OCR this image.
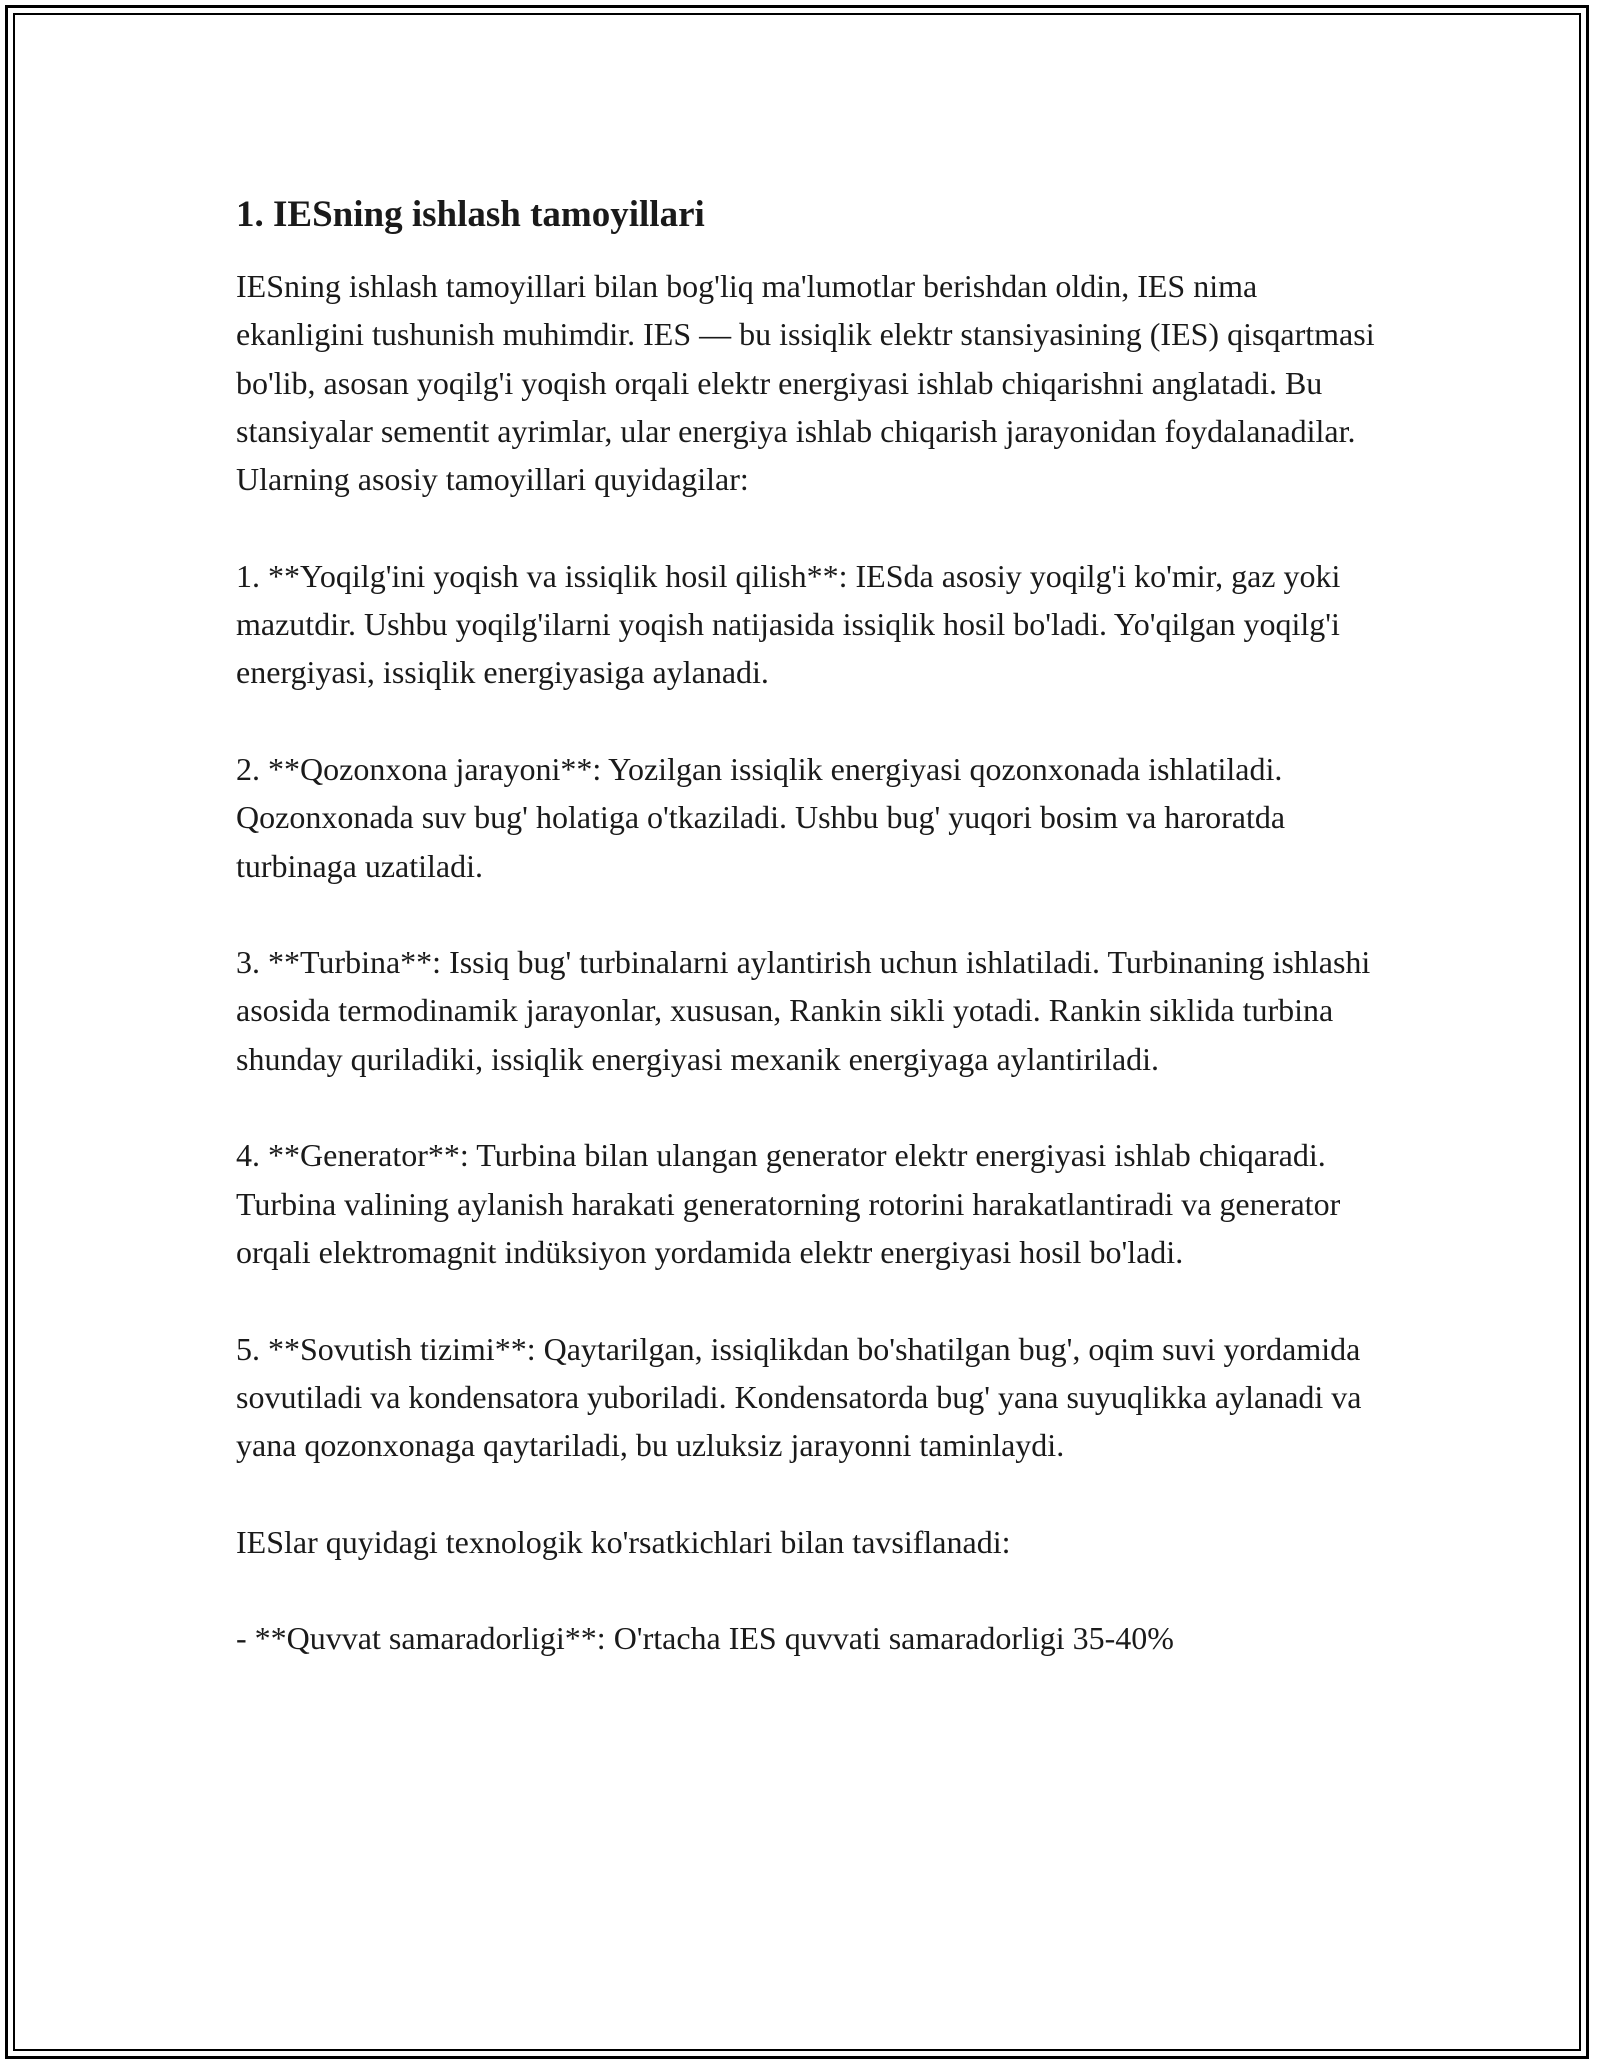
1. IESning ishlash tamoyillari

IESning ishlash tamoyillari bilan bog'liq ma'lumotlar berishdan oldin, IES nima ekanligini tushunish muhimdir. IES — bu issiqlik elektr stansiyasining (IES) qisqartmasi bo'lib, asosan yoqilg'i yoqish orqali elektr energiyasi ishlab chiqarishni anglatadi. Bu stansiyalar sementit ayrimlar, ular energiya ishlab chiqarish jarayonidan foydalanadilar. Ularning asosiy tamoyillari quyidagilar:

1. **Yoqilg'ini yoqish va issiqlik hosil qilish**: IESda asosiy yoqilg'i ko'mir, gaz yoki mazutdir. Ushbu yoqilg'ilarni yoqish natijasida issiqlik hosil bo'ladi. Yo'qilgan yoqilg'i energiyasi, issiqlik energiyasiga aylanadi.

2. **Qozonxona jarayoni**: Yozilgan issiqlik energiyasi qozonxonada ishlatiladi. Qozonxonada suv bug' holatiga o'tkaziladi. Ushbu bug' yuqori bosim va haroratda turbinaga uzatiladi.

3. **Turbina**: Issiq bug' turbinalarni aylantirish uchun ishlatiladi. Turbinaning ishlashi asosida termodinamik jarayonlar, xususan, Rankin sikli yotadi. Rankin siklida turbina shunday quriladiki, issiqlik energiyasi mexanik energiyaga aylantiriladi.

4. **Generator**: Turbina bilan ulangan generator elektr energiyasi ishlab chiqaradi. Turbina valining aylanish harakati generatorning rotorini harakatlantiradi va generator orqali elektromagnit indüksiyon yordamida elektr energiyasi hosil bo'ladi.

5. **Sovutish tizimi**: Qaytarilgan, issiqlikdan bo'shatilgan bug', oqim suvi yordamida sovutiladi va kondensatora yuboriladi. Kondensatorda bug' yana suyuqlikka aylanadi va yana qozonxonaga qaytariladi, bu uzluksiz jarayonni taminlaydi.

IESlar quyidagi texnologik ko'rsatkichlari bilan tavsiflanadi:

- **Quvvat samaradorligi**: O'rtacha IES quvvati samaradorligi 35-40%
